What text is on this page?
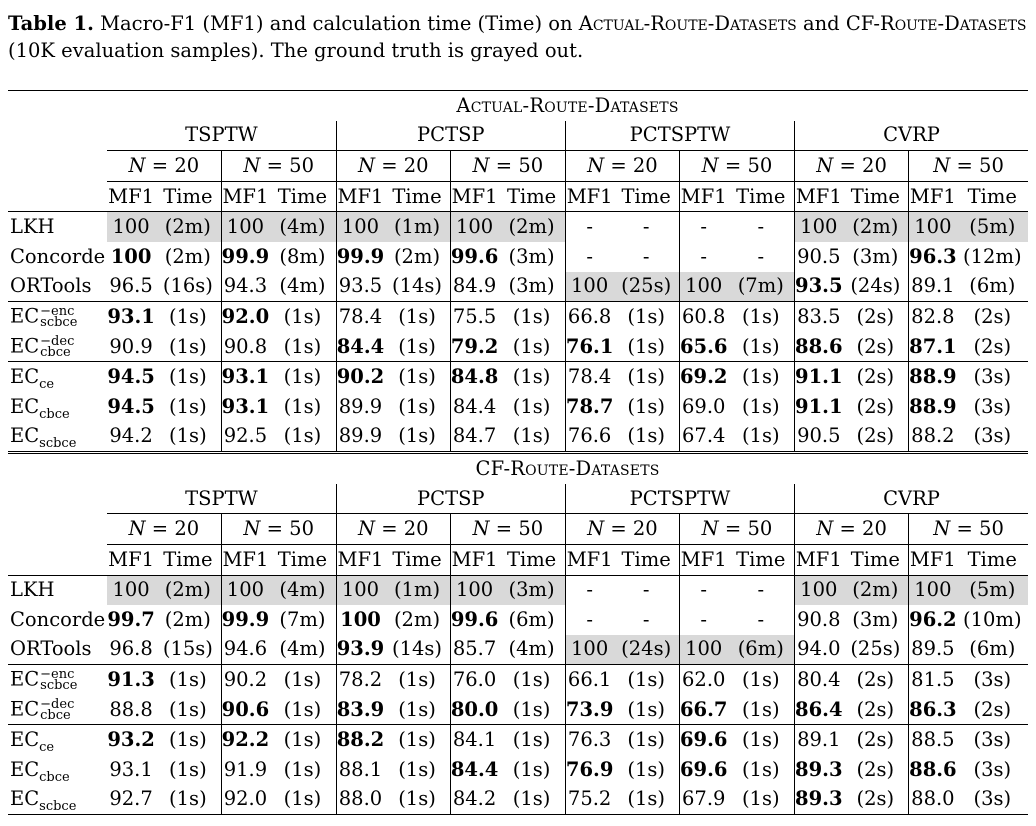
Table 1. Macro-F1 (MF1) and calculation time (Time) on Actual-Route-Datasets and CF-Route-Datasets (10K evaluation samples). The ground truth is grayed out.
	Actual-Route-Datasets															
	TSPTW				PCTSP				PCTSPTW				CVRP			
	N = 20		N = 50		N = 20		N = 50		N = 20		N = 50		N = 20		N = 50	
	MF1	Time	MF1	Time	MF1	Time	MF1	Time	MF1	Time	MF1	Time	MF1	Time	MF1	Time
LKH	100	(2m)	100	(4m)	100	(1m)	100	(2m)	-	-	-	-	100	(2m)	100	(5m)
Concorde	100	(2m)	99.9	(8m)	99.9	(2m)	99.6	(3m)	-	-	-	-	90.5	(3m)	96.3	(12m)
ORTools	96.5	(16s)	94.3	(4m)	93.5	(14s)	84.9	(3m)	100	(25s)	100	(7m)	93.5	(24s)	89.1	(6m)
EC −enc
scbce	93.1	(1s)	92.0	(1s)	78.4	(1s)	75.5	(1s)	66.8	(1s)	60.8	(1s)	83.5	(2s)	82.8	(2s)
EC −dec
cbce	90.9	(1s)	90.8	(1s)	84.4	(1s)	79.2	(1s)	76.1	(1s)	65.6	(1s)	88.6	(2s)	87.1	(2s)
$EC_{ce}$	94.5	(1s)	93.1	(1s)	90.2	(1s)	84.8	(1s)	78.4	(1s)	69.2	(1s)	91.1	(2s)	88.9	(3s)
$EC_{cbce}$	94.5	(1s)	93.1	(1s)	89.9	(1s)	84.4	(1s)	78.7	(1s)	69.0	(1s)	91.1	(2s)	88.9	(3s)
$EC_{scbce}$	94.2	(1s)	92.5	(1s)	89.9	(1s)	84.7	(1s)	76.6	(1s)	67.4	(1s)	90.5	(2s)	88.2	(3s)
	CF-Route-Datasets															
	TSPTW				PCTSP				PCTSPTW				CVRP			
	N = 20		N = 50		N = 20		N = 50		N = 20		N = 50		N = 20		N = 50	
	MF1	Time	MF1	Time	MF1	Time	MF1	Time	MF1	Time	MF1	Time	MF1	Time	MF1	Time
LKH	100	(2m)	100	(4m)	100	(1m)	100	(3m)	-	-	-	-	100	(2m)	100	(5m)
Concorde	99.7	(2m)	99.9	(7m)	100	(2m)	99.6	(6m)	-	-	-	-	90.8	(3m)	96.2	(10m)
ORTools	96.8	(15s)	94.6	(4m)	93.9	(14s)	85.7	(4m)	100	(24s)	100	(6m)	94.0	(25s)	89.5	(6m)
EC −enc
scbce	91.3	(1s)	90.2	(1s)	78.2	(1s)	76.0	(1s)	66.1	(1s)	62.0	(1s)	80.4	(2s)	81.5	(3s)
EC −dec
cbce	88.8	(1s)	90.6	(1s)	83.9	(1s)	80.0	(1s)	73.9	(1s)	66.7	(1s)	86.4	(2s)	86.3	(2s)
$EC_{ce}$	93.2	(1s)	92.2	(1s)	88.2	(1s)	84.1	(1s)	76.3	(1s)	69.6	(1s)	89.1	(2s)	88.5	(3s)
$EC_{cbce}$	93.1	(1s)	91.9	(1s)	88.1	(1s)	84.4	(1s)	76.9	(1s)	69.6	(1s)	89.3	(2s)	88.6	(3s)
$EC_{scbce}$	92.7	(1s)	92.0	(1s)	88.0	(1s)	84.2	(1s)	75.2	(1s)	67.9	(1s)	89.3	(2s)	88.0	(3s)
